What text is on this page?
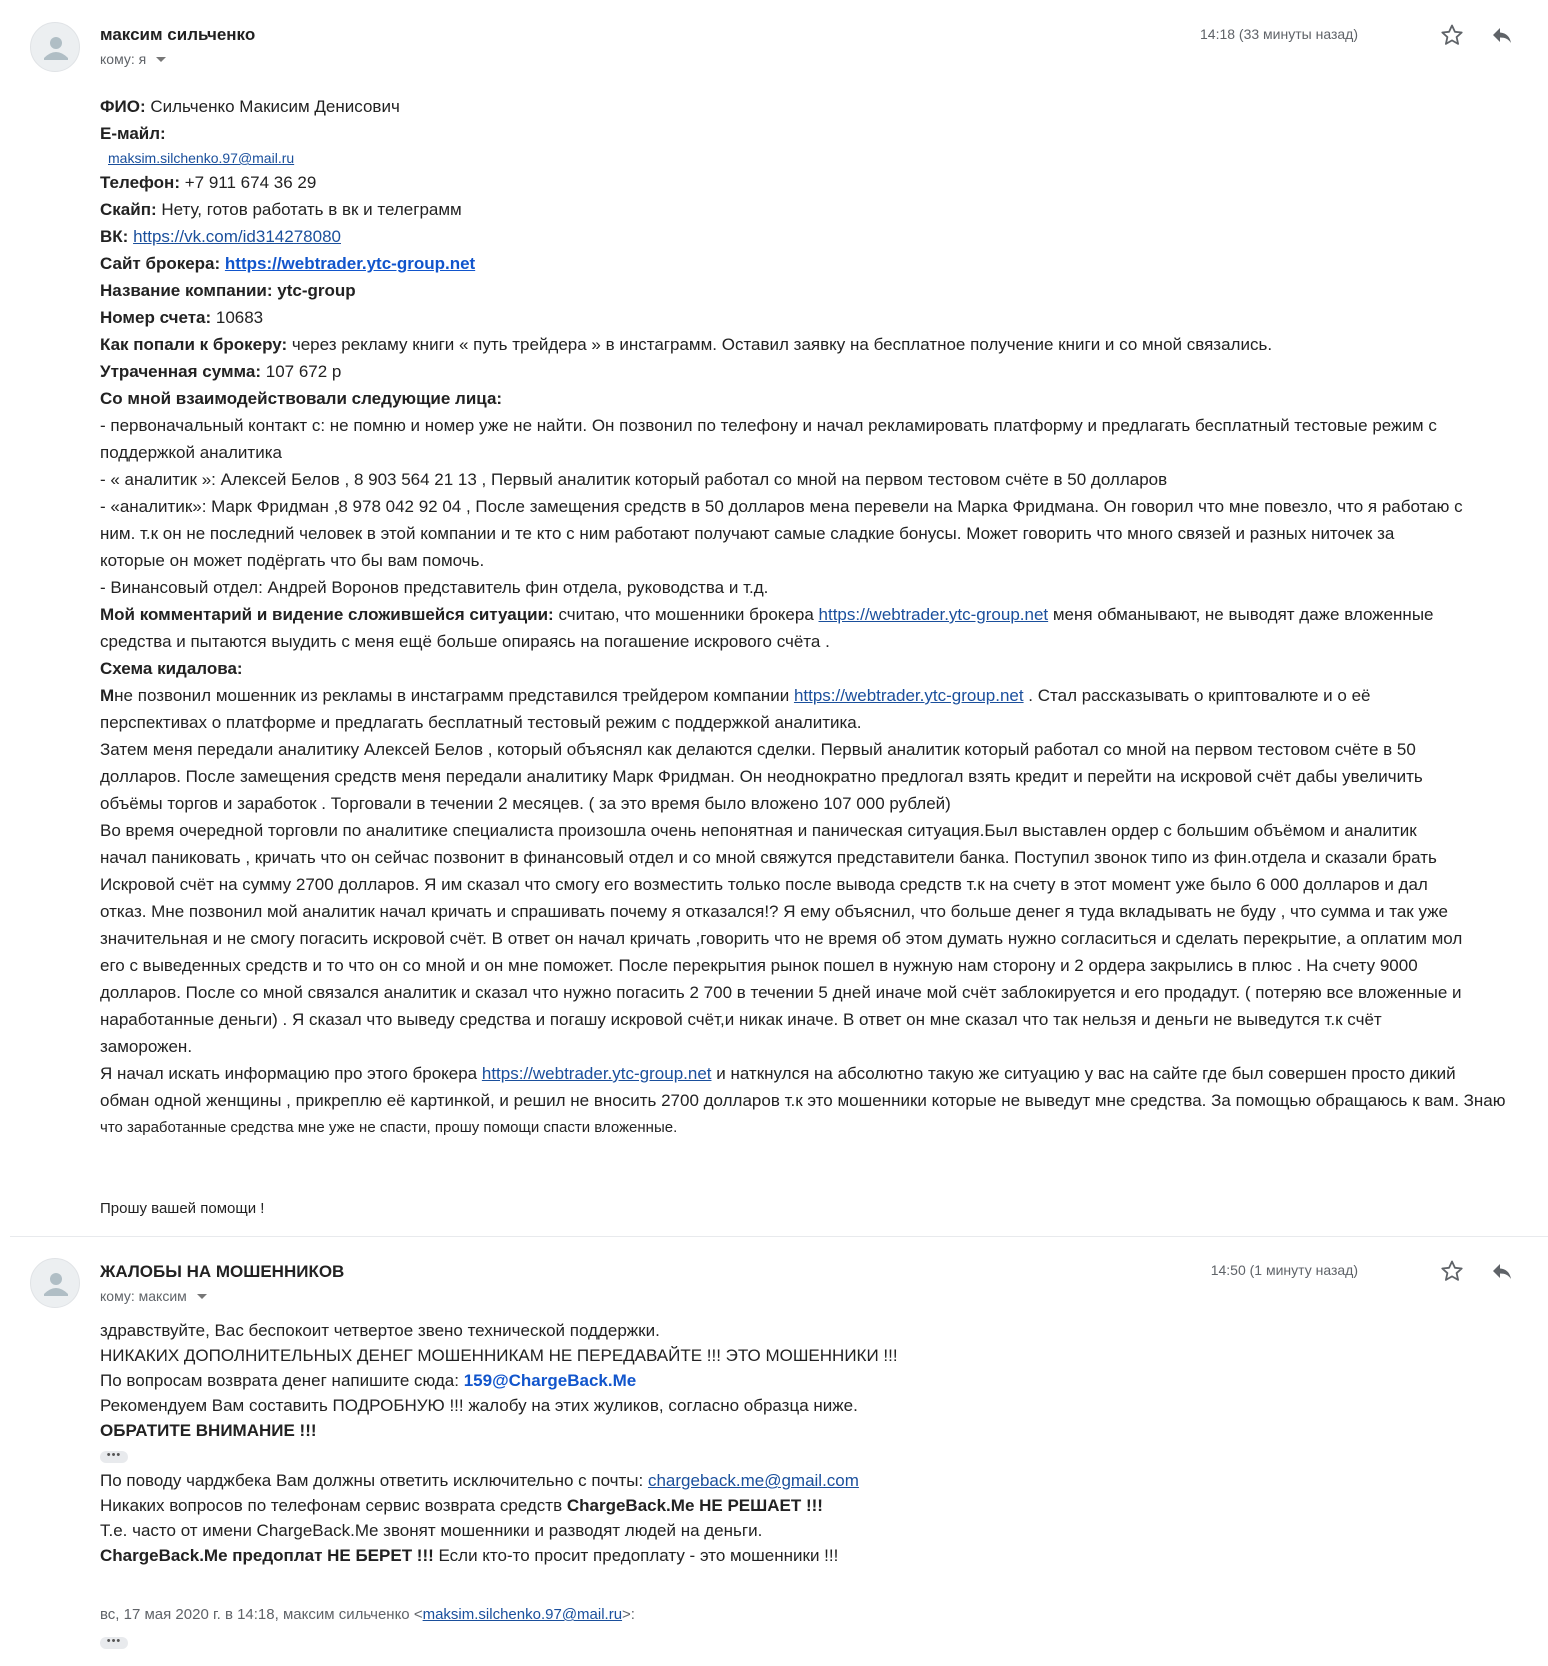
максим сильченко
кому: я
14:18 (33 минуты назад)
ФИО: Сильченко Макисим Денисович
Е-майл:
maksim.silchenko.97@mail.ru
Телефон: +7 911 674 36 29
Скайп: Нету, готов работать в вк и телеграмм
ВК: https://vk.com/id314278080
Сайт брокера: https://webtrader.ytc-group.net
Название компании: ytc-group
Номер счета: 10683
Как попали к брокеру: через рекламу книги « путь трейдера » в инстаграмм. Оставил заявку на бесплатное получение книги и со мной связались.
Утраченная сумма: 107 672 р
Со мной взаимодействовали следующие лица:
- первоначальный контакт с: не помню и номер уже не найти. Он позвонил по телефону и начал рекламировать платформу и предлагать бесплатный тестовые режим с
поддержкой аналитика
- « аналитик »: Алексей Белов , 8 903 564 21 13 , Первый аналитик который работал со мной на первом тестовом счёте в 50 долларов
- «аналитик»: Марк Фридман ,8 978 042 92 04 , После замещения средств в 50 долларов мена перевели на Марка Фридмана. Он говорил что мне повезло, что я работаю с
ним. т.к он не последний человек в этой компании и те кто с ним работают получают самые сладкие бонусы. Может говорить что много связей и разных ниточек за
которые он может подёргать что бы вам помочь.
- Винансовый отдел: Андрей Воронов представитель фин отдела, руководства и т.д.
Мой комментарий и видение сложившейся ситуации: считаю, что мошенники брокера https://webtrader.ytc-group.net меня обманывают, не выводят даже вложенные
средства и пытаются выудить с меня ещё больше опираясь на погашение искрового счёта .
Схема кидалова:
Мне позвонил мошенник из рекламы в инстаграмм представился трейдером компании https://webtrader.ytc-group.net . Стал рассказывать о криптовалюте и о её
перспективах о платформе и предлагать бесплатный тестовый режим с поддержкой аналитика.
Затем меня передали аналитику Алексей Белов , который объяснял как делаются сделки. Первый аналитик который работал со мной на первом тестовом счёте в 50
долларов. После замещения средств меня передали аналитику Марк Фридман. Он неоднократно предлогал взять кредит и перейти на искровой счёт дабы увеличить
объёмы торгов и заработок . Торговали в течении 2 месяцев. ( за это время было вложено 107 000 рублей)
Во время очередной торговли по аналитике специалиста произошла очень непонятная и паническая ситуация.Был выставлен ордер с большим объёмом и аналитик
начал паниковать , кричать что он сейчас позвонит в финансовый отдел и со мной свяжутся представители банка. Поступил звонок типо из фин.отдела и сказали брать
Искровой счёт на сумму 2700 долларов. Я им сказал что смогу его возместить только после вывода средств т.к на счету в этот момент уже было 6 000 долларов и дал
отказ. Мне позвонил мой аналитик начал кричать и спрашивать почему я отказался!? Я ему объяснил, что больше денег я туда вкладывать не буду , что сумма и так уже
значительная и не смогу погасить искровой счёт. В ответ он начал кричать ,говорить что не время об этом думать нужно согласиться и сделать перекрытие, а оплатим мол
его с выведенных средств и то что он со мной и он мне поможет. После перекрытия рынок пошел в нужную нам сторону и 2 ордера закрылись в плюс . На счету 9000
долларов. После со мной связался аналитик и сказал что нужно погасить 2 700 в течении 5 дней иначе мой счёт заблокируется и его продадут. ( потеряю все вложенные и
наработанные деньги) . Я сказал что выведу средства и погашу искровой счёт,и никак иначе. В ответ он мне сказал что так нельзя и деньги не выведутся т.к счёт
заморожен.
Я начал искать информацию про этого брокера https://webtrader.ytc-group.net и наткнулся на абсолютно такую же ситуацию у вас на сайте где был совершен просто дикий
обман одной женщины , прикреплю её картинкой, и решил не вносить 2700 долларов т.к это мошенники которые не выведут мне средства. За помощью обращаюсь к вам. Знаю
что заработанные средства мне уже не спасти, прошу помощи спасти вложенные.
Прошу вашей помощи !
ЖАЛОБЫ НА МОШЕННИКОВ
кому: максим
14:50 (1 минуту назад)
здравствуйте, Вас беспокоит четвертое звено технической поддержки.
НИКАКИХ ДОПОЛНИТЕЛЬНЫХ ДЕНЕГ МОШЕННИКАМ НЕ ПЕРЕДАВАЙТЕ !!! ЭТО МОШЕННИКИ !!!
По вопросам возврата денег напишите сюда: 159@ChargeBack.Me
Рекомендуем Вам составить ПОДРОБНУЮ !!! жалобу на этих жуликов, согласно образца ниже.
ОБРАТИТЕ ВНИМАНИЕ !!!
•••
По поводу чарджбека Вам должны ответить исключительно с почты: chargeback.me@gmail.com
Никаких вопросов по телефонам сервис возврата средств ChargeBack.Me НЕ РЕШАЕТ !!!
Т.е. часто от имени ChargeBack.Me звонят мошенники и разводят людей на деньги.
ChargeBack.Me предоплат НЕ БЕРЕТ !!! Если кто-то просит предоплату - это мошенники !!!
вс, 17 мая 2020 г. в 14:18, максим сильченко <maksim.silchenko.97@mail.ru>:
•••
